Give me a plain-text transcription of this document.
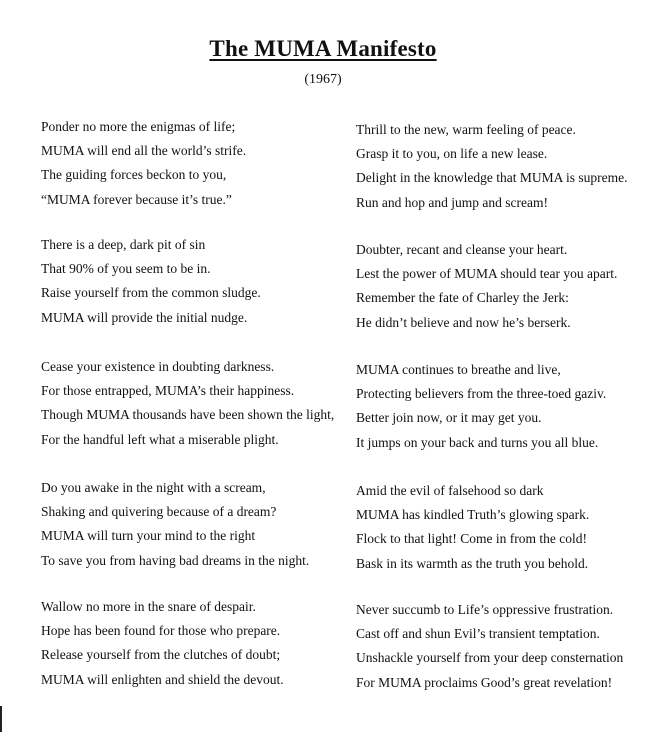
The MUMA Manifesto
(1967)
Ponder no more the enigmas of life;
MUMA will end all the world’s strife.
The guiding forces beckon to you,
“MUMA forever because it’s true.”
There is a deep, dark pit of sin
That 90% of you seem to be in.
Raise yourself from the common sludge.
MUMA will provide the initial nudge.
Cease your existence in doubting darkness.
For those entrapped, MUMA’s their happiness.
Though MUMA thousands have been shown the light,
For the handful left what a miserable plight.
Do you awake in the night with a scream,
Shaking and quivering because of a dream?
MUMA will turn your mind to the right
To save you from having bad dreams in the night.
Wallow no more in the snare of despair.
Hope has been found for those who prepare.
Release yourself from the clutches of doubt;
MUMA will enlighten and shield the devout.
Thrill to the new, warm feeling of peace.
Grasp it to you, on life a new lease.
Delight in the knowledge that MUMA is supreme.
Run and hop and jump and scream!
Doubter, recant and cleanse your heart.
Lest the power of MUMA should tear you apart.
Remember the fate of Charley the Jerk:
He didn’t believe and now he’s berserk.
MUMA continues to breathe and live,
Protecting believers from the three-toed gaziv.
Better join now, or it may get you.
It jumps on your back and turns you all blue.
Amid the evil of falsehood so dark
MUMA has kindled Truth’s glowing spark.
Flock to that light! Come in from the cold!
Bask in its warmth as the truth you behold.
Never succumb to Life’s oppressive frustration.
Cast off and shun Evil’s transient temptation.
Unshackle yourself from your deep consternation
For MUMA proclaims Good’s great revelation!
